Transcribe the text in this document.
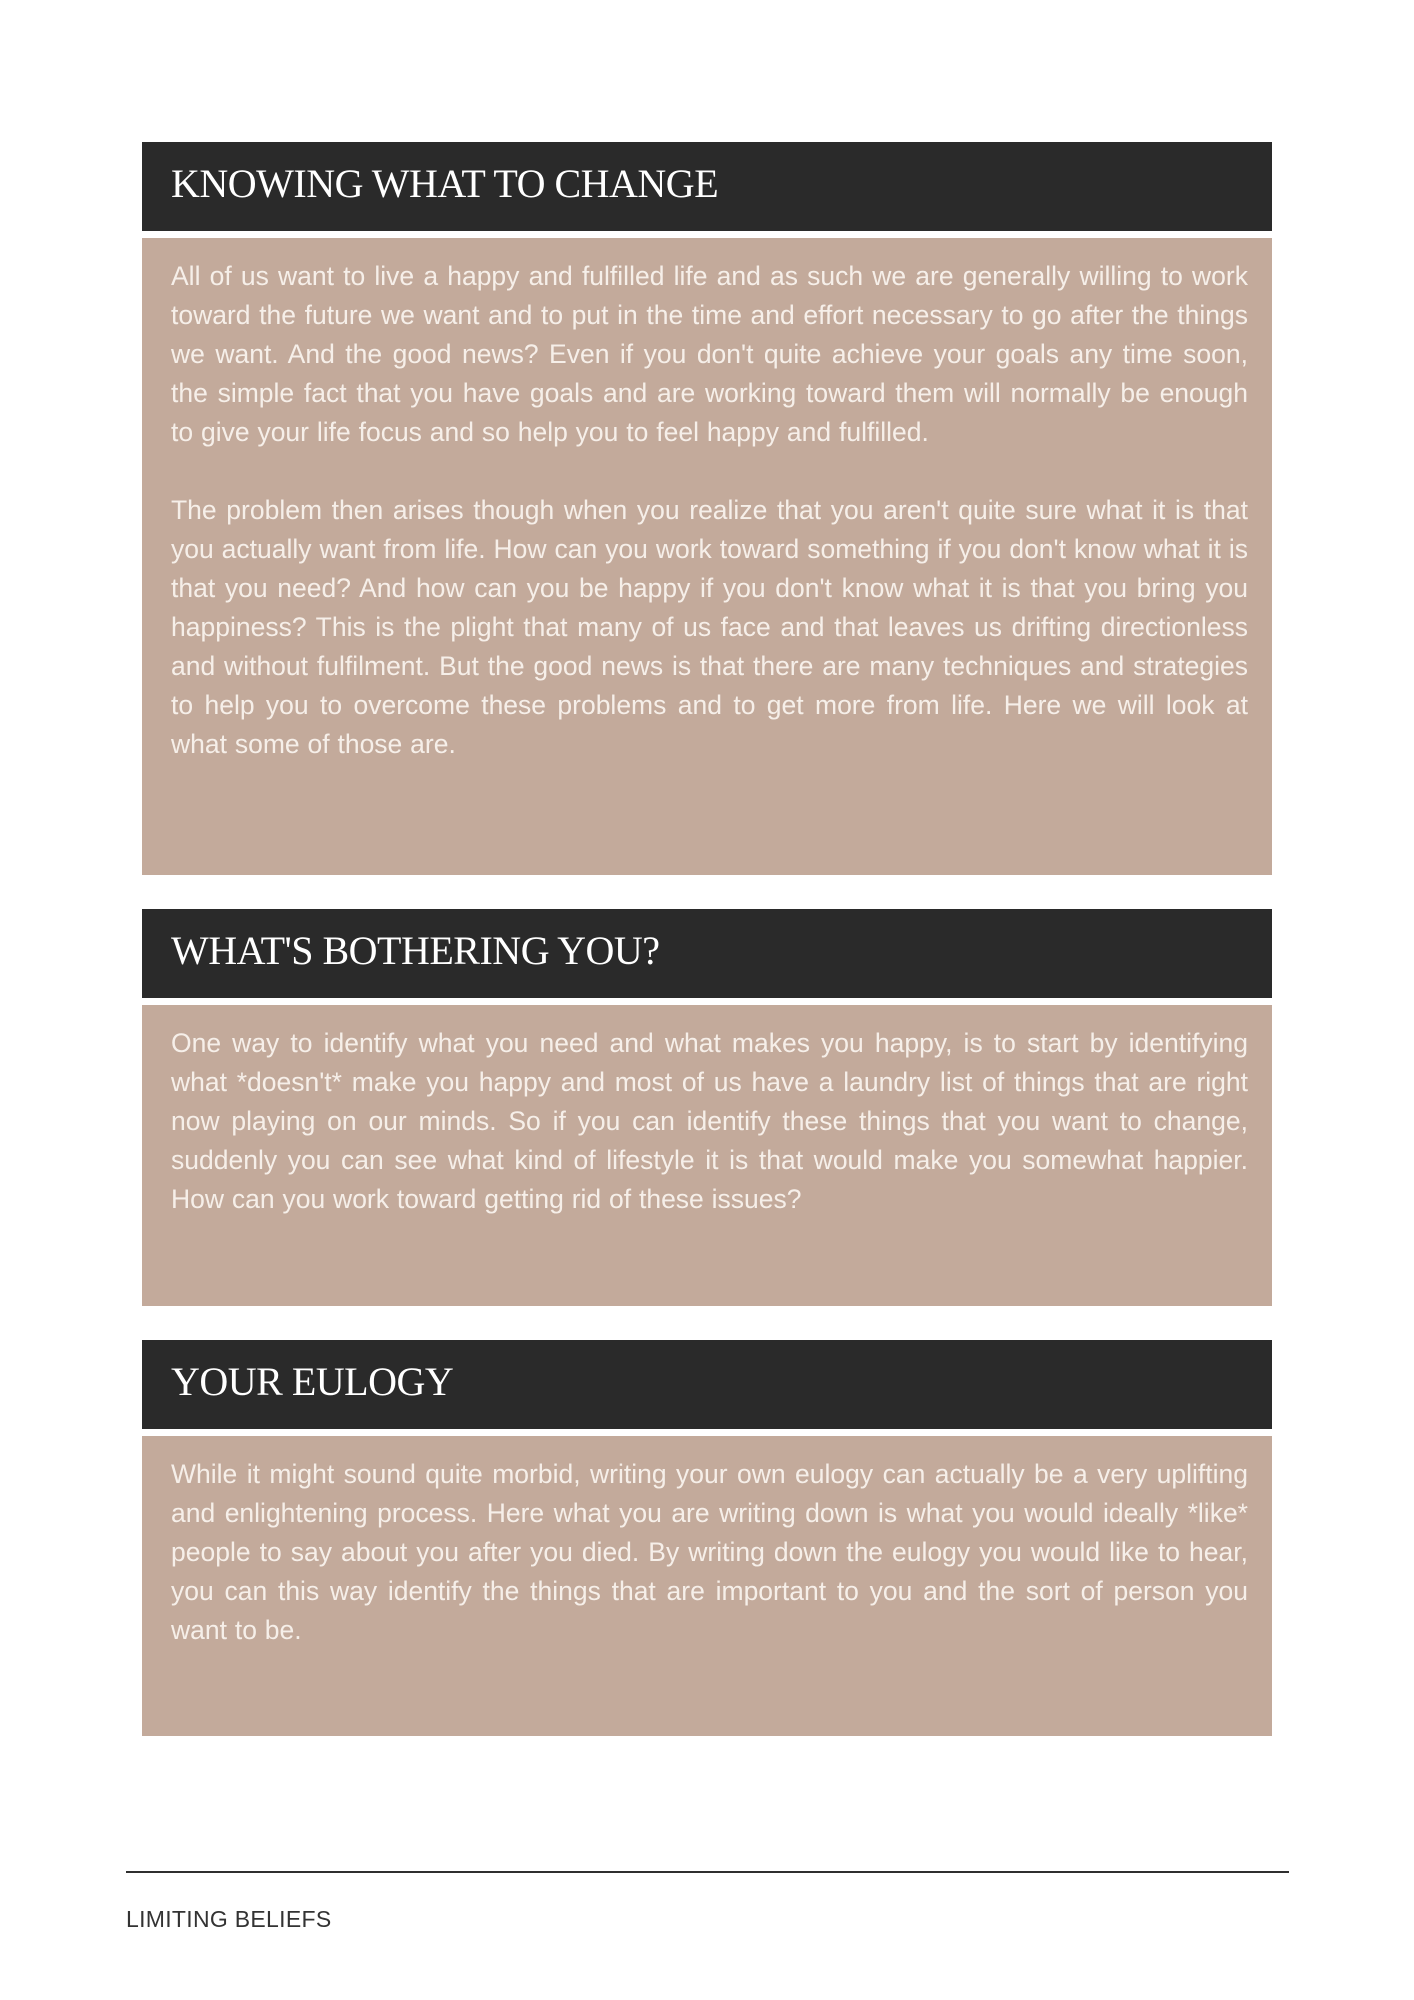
KNOWING WHAT TO CHANGE

All of us want to live a happy and fulfilled life and as such we are generally willing to work toward the future we want and to put in the time and effort necessary to go after the things we want. And the good news? Even if you don't quite achieve your goals any time soon, the simple fact that you have goals and are working toward them will normally be enough to give your life focus and so help you to feel happy and fulfilled.

The problem then arises though when you realize that you aren't quite sure what it is that you actually want from life. How can you work toward something if you don't know what it is that you need? And how can you be happy if you don't know what it is that you bring you happiness? This is the plight that many of us face and that leaves us drifting directionless and without fulfilment. But the good news is that there are many techniques and strategies to help you to overcome these problems and to get more from life. Here we will look at what some of those are.

WHAT'S BOTHERING YOU?

One way to identify what you need and what makes you happy, is to start by identifying what *doesn't* make you happy and most of us have a laundry list of things that are right now playing on our minds. So if you can identify these things that you want to change, suddenly you can see what kind of lifestyle it is that would make you somewhat happier. How can you work toward getting rid of these issues?

YOUR EULOGY

While it might sound quite morbid, writing your own eulogy can actually be a very uplifting and enlightening process. Here what you are writing down is what you would ideally *like* people to say about you after you died. By writing down the eulogy you would like to hear, you can this way identify the things that are important to you and the sort of person you want to be.

LIMITING BELIEFS
